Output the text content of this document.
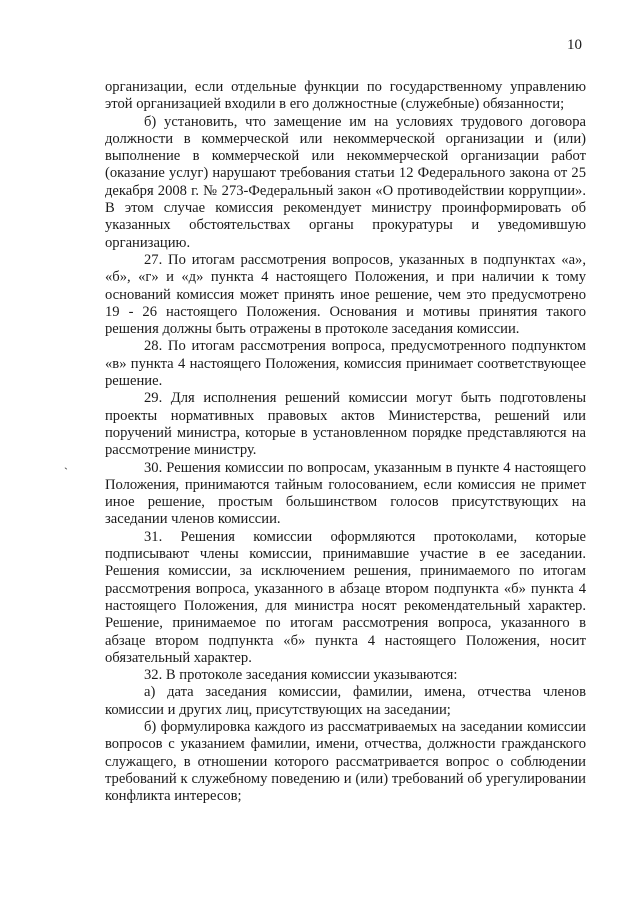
10
`

организации, если отдельные функции по государственному управлению этой организацией входили в его должностные (служебные) обязанности;

б) установить, что замещение им на условиях трудового договора должности в коммерческой или некоммерческой организации и (или) выполнение в коммерческой или некоммерческой организации работ (оказание услуг) нарушают требования статьи 12 Федерального закона от 25 декабря 2008 г. № 273-Федеральный закон «О противодействии коррупции». В этом случае комиссия рекомендует министру проинформировать об указанных обстоятельствах органы прокуратуры и уведомившую организацию.

27. По итогам рассмотрения вопросов, указанных в подпунктах «а», «б», «г» и «д» пункта 4 настоящего Положения, и при наличии к тому оснований комиссия может принять иное решение, чем это предусмотрено 19 - 26 настоящего Положения. Основания и мотивы принятия такого решения должны быть отражены в протоколе заседания комиссии.

28. По итогам рассмотрения вопроса, предусмотренного подпунктом «в» пункта 4 настоящего Положения, комиссия принимает соответствующее решение.

29. Для исполнения решений комиссии могут быть подготовлены проекты нормативных правовых актов Министерства, решений или поручений министра, которые в установленном порядке представляются на рассмотрение министру.

30. Решения комиссии по вопросам, указанным в пункте 4 настоящего Положения, принимаются тайным голосованием, если комиссия не примет иное решение, простым большинством голосов присутствующих на заседании членов комиссии.

31. Решения комиссии оформляются протоколами, которые подписывают члены комиссии, принимавшие участие в ее заседании. Решения комиссии, за исключением решения, принимаемого по итогам рассмотрения вопроса, указанного в абзаце втором подпункта «б» пункта 4 настоящего Положения, для министра носят рекомендательный характер. Решение, принимаемое по итогам рассмотрения вопроса, указанного в абзаце втором подпункта «б» пункта 4 настоящего Положения, носит обязательный характер.

32. В протоколе заседания комиссии указываются:

а) дата заседания комиссии, фамилии, имена, отчества членов комиссии и других лиц, присутствующих на заседании;

б) формулировка каждого из рассматриваемых на заседании комиссии вопросов с указанием фамилии, имени, отчества, должности гражданского служащего, в отношении которого рассматривается вопрос о соблюдении требований к служебному поведению и (или) требований об урегулировании конфликта интересов;
